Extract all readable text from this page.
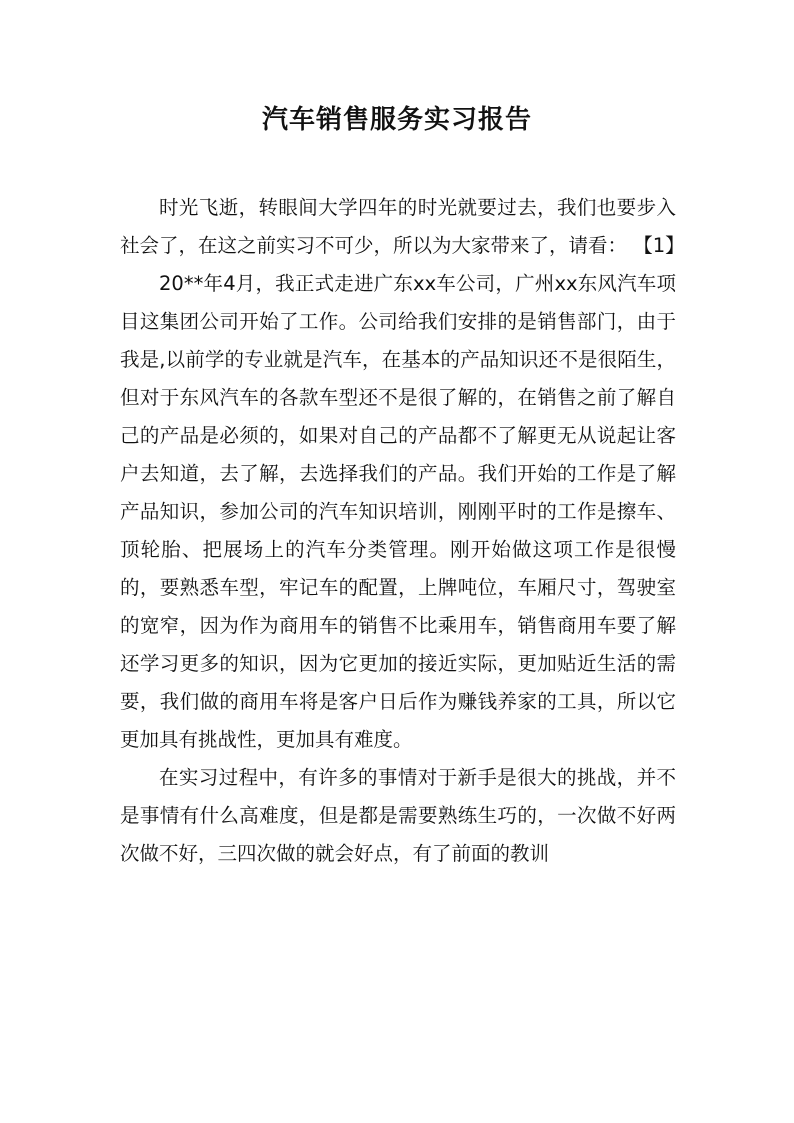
汽车销售服务实习报告

时光飞逝，转眼间大学四年的时光就要过去，我们也要步入社会了，在这之前实习不可少，所以为大家带来了，请看： 【1】

20**年4月，我正式走进广东xx车公司，广州xx东风汽车项目这集团公司开始了工作。公司给我们安排的是销售部门，由于我是,以前学的专业就是汽车，在基本的产品知识还不是很陌生，但对于东风汽车的各款车型还不是很了解的，在销售之前了解自己的产品是必须的，如果对自己的产品都不了解更无从说起让客户去知道，去了解，去选择我们的产品。我们开始的工作是了解产品知识，参加公司的汽车知识培训，刚刚平时的工作是擦车、顶轮胎、把展场上的汽车分类管理。刚开始做这项工作是很慢的，要熟悉车型，牢记车的配置，上牌吨位，车厢尺寸，驾驶室的宽窄，因为作为商用车的销售不比乘用车，销售商用车要了解还学习更多的知识，因为它更加的接近实际，更加贴近生活的需要，我们做的商用车将是客户日后作为赚钱养家的工具，所以它更加具有挑战性，更加具有难度。

在实习过程中，有许多的事情对于新手是很大的挑战，并不是事情有什么高难度，但是都是需要熟练生巧的，一次做不好两次做不好，三四次做的就会好点，有了前面的教训
